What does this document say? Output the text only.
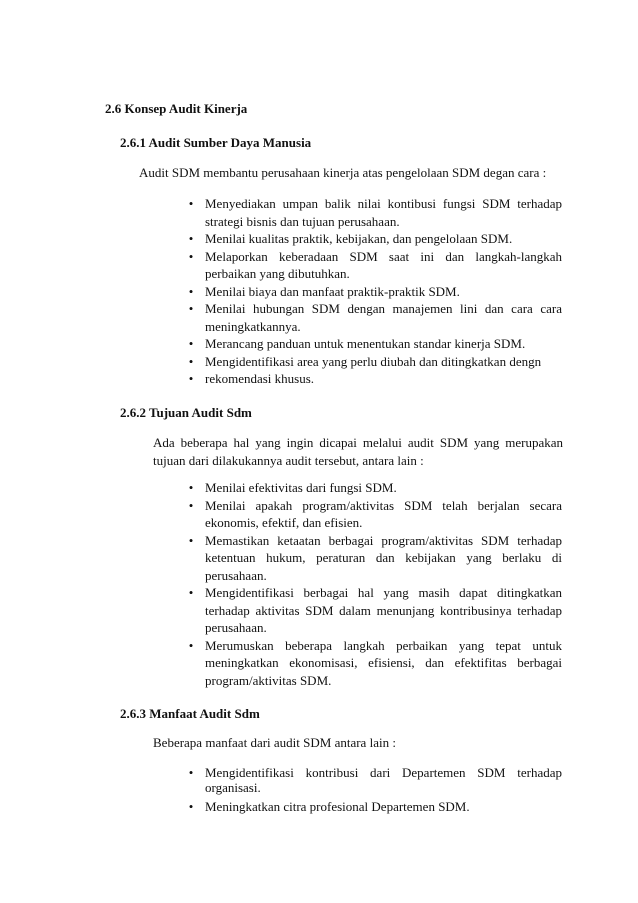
2.6 Konsep Audit Kinerja
2.6.1 Audit Sumber Daya Manusia
Audit SDM membantu perusahaan kinerja atas pengelolaan SDM degan cara :
• Menyediakan umpan balik nilai kontibusi fungsi SDM terhadap strategi bisnis dan tujuan perusahaan.
• Menilai kualitas praktik, kebijakan, dan pengelolaan SDM.
• Melaporkan keberadaan SDM saat ini dan langkah-langkah perbaikan yang dibutuhkan.
• Menilai biaya dan manfaat praktik-praktik SDM.
• Menilai hubungan SDM dengan manajemen lini dan cara cara meningkatkannya.
• Merancang panduan untuk menentukan standar kinerja SDM.
• Mengidentifikasi area yang perlu diubah dan ditingkatkan dengn
• rekomendasi khusus.
2.6.2 Tujuan Audit Sdm
Ada beberapa hal yang ingin dicapai melalui audit SDM yang merupakan tujuan dari dilakukannya audit tersebut, antara lain :
• Menilai efektivitas dari fungsi SDM.
• Menilai apakah program/aktivitas SDM telah berjalan secara ekonomis, efektif, dan efisien.
• Memastikan ketaatan berbagai program/aktivitas SDM terhadap ketentuan hukum, peraturan dan kebijakan yang berlaku di perusahaan.
• Mengidentifikasi berbagai hal yang masih dapat ditingkatkan terhadap aktivitas SDM dalam menunjang kontribusinya terhadap perusahaan.
• Merumuskan beberapa langkah perbaikan yang tepat untuk meningkatkan ekonomisasi, efisiensi, dan efektifitas berbagai program/aktivitas SDM.
2.6.3 Manfaat Audit Sdm
Beberapa manfaat dari audit SDM antara lain :
• Mengidentifikasi kontribusi dari Departemen SDM terhadap organisasi.
• Meningkatkan citra profesional Departemen SDM.
